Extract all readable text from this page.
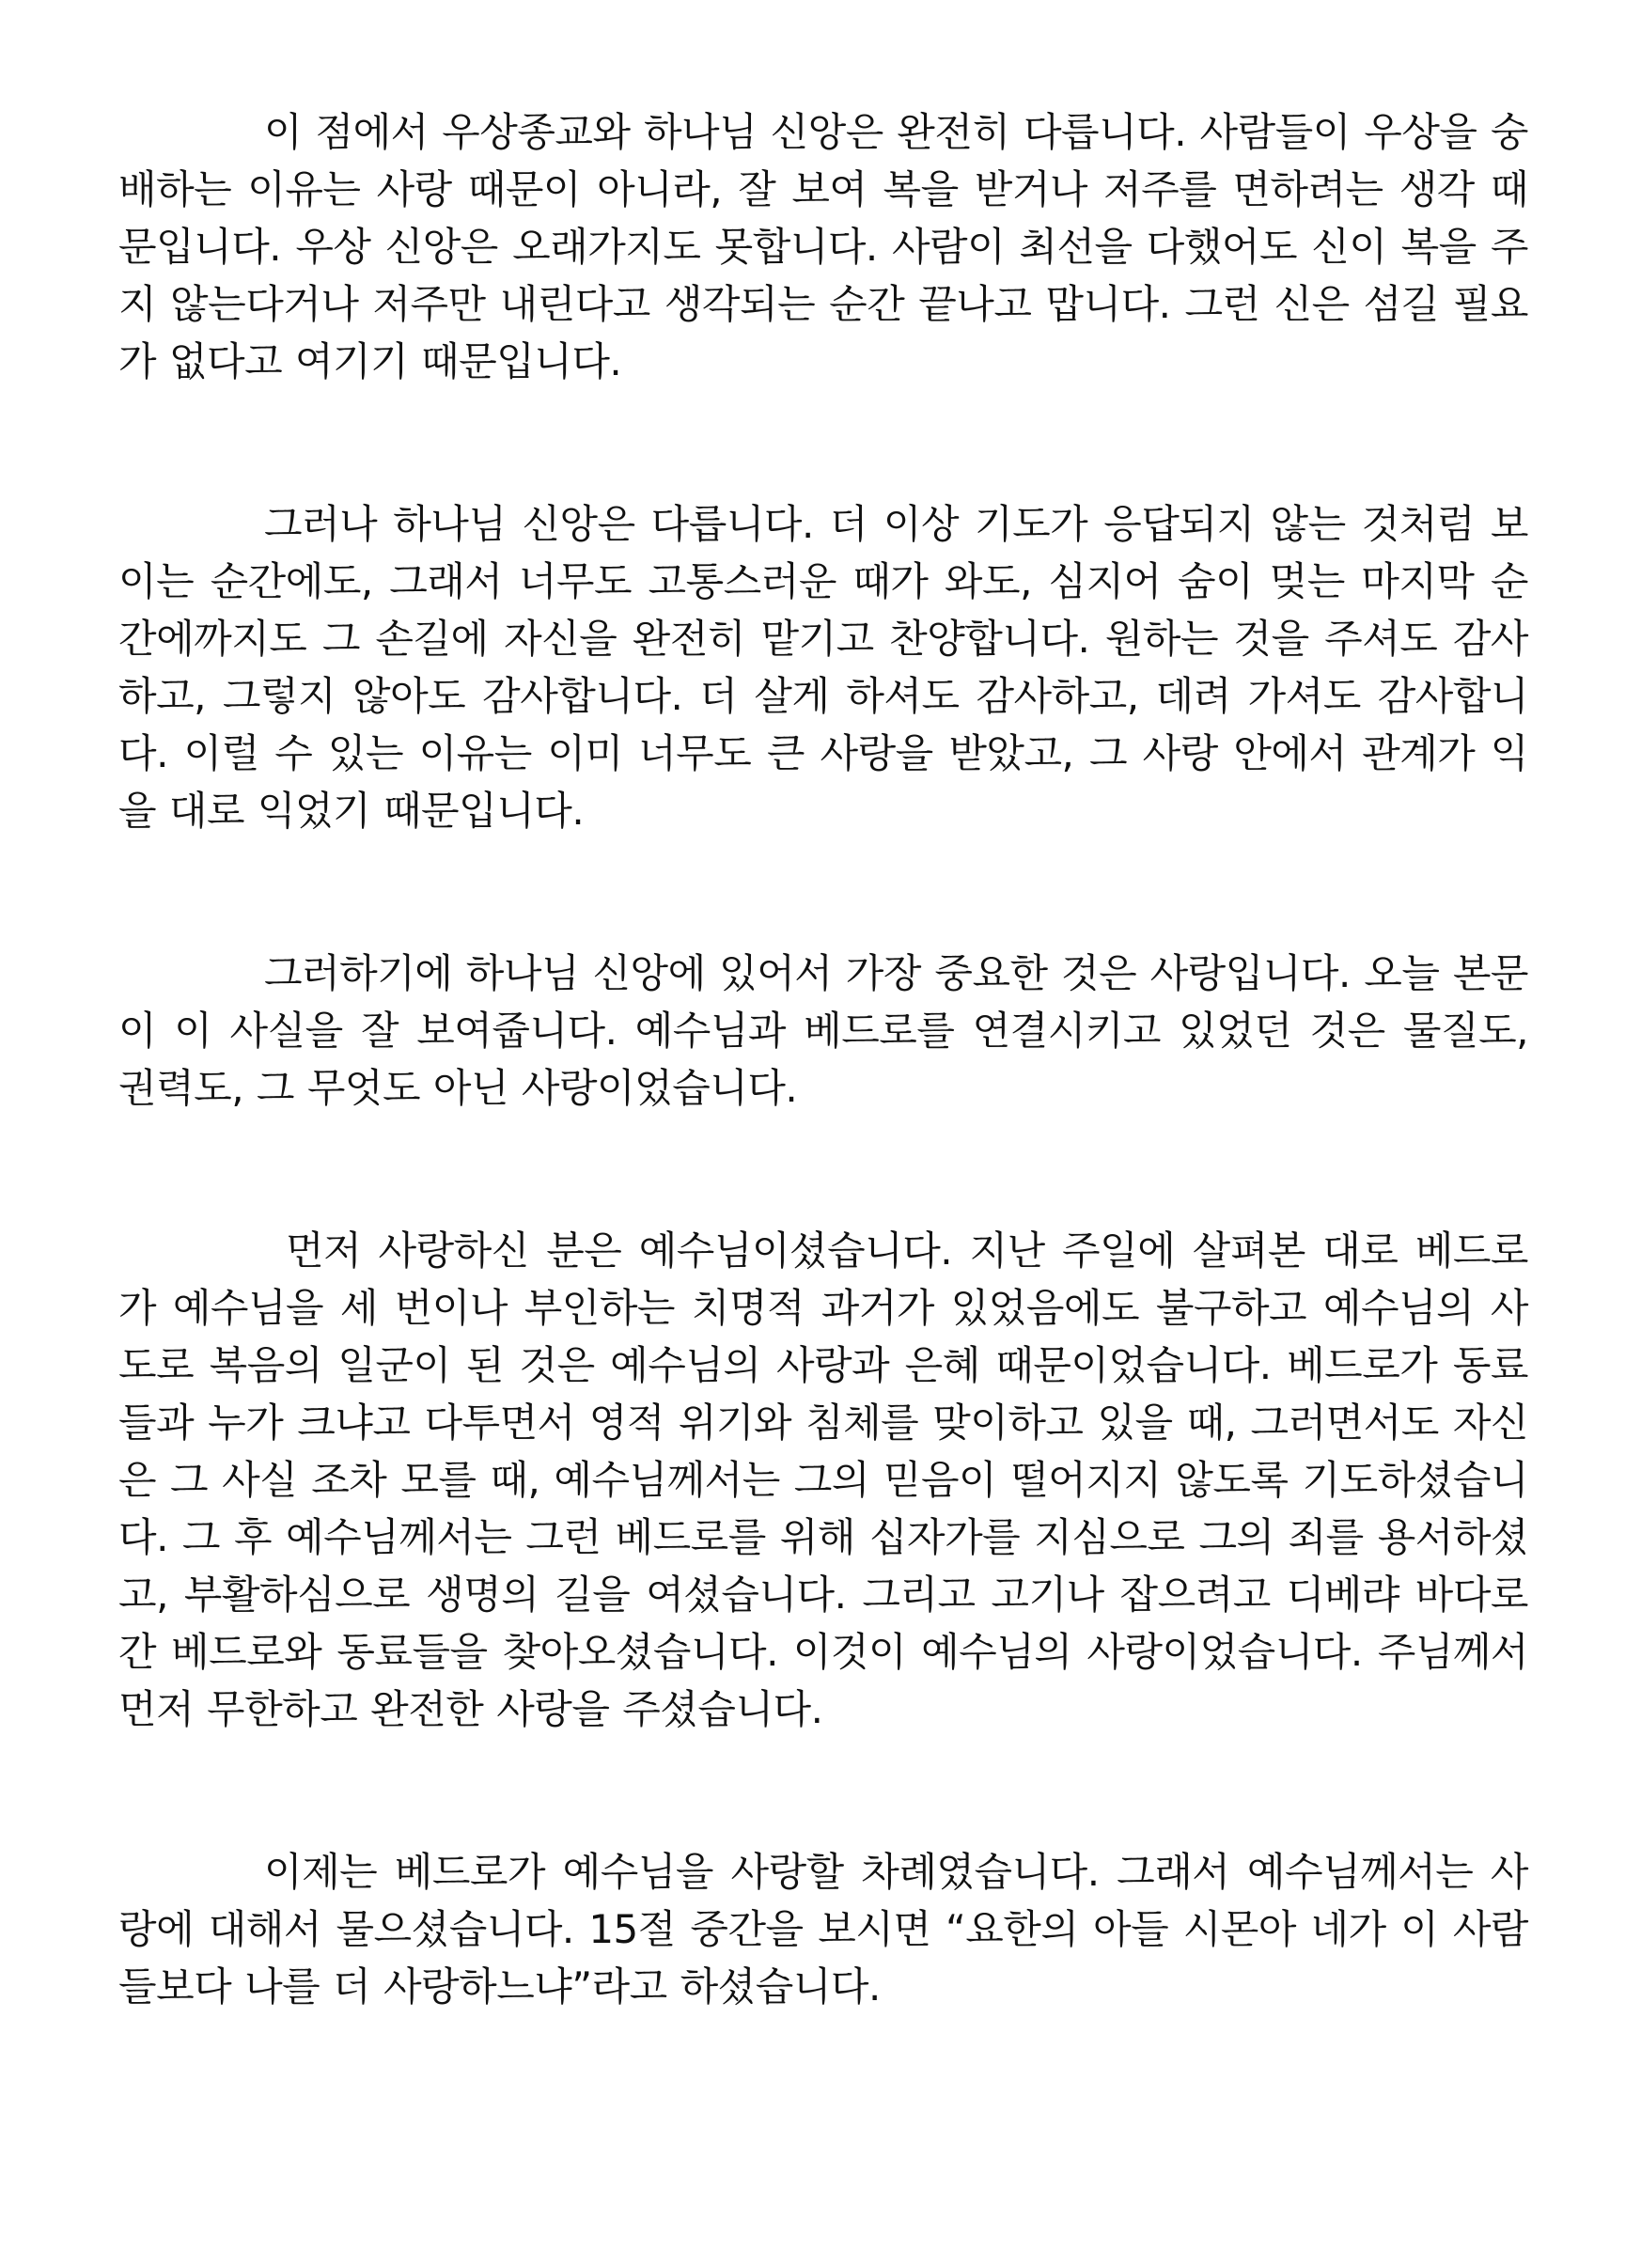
이 점에서 우상종교와 하나님 신앙은 완전히 다릅니다. 사람들이 우상을 숭배하는 이유는 사랑 때문이 아니라, 잘 보여 복을 받거나 저주를 면하려는 생각 때문입니다. 우상 신앙은 오래가지도 못합니다. 사람이 최선을 다했어도 신이 복을 주지 않는다거나 저주만 내린다고 생각되는 순간 끝나고 맙니다. 그런 신은 섬길 필요가 없다고 여기기 때문입니다.

그러나 하나님 신앙은 다릅니다. 더 이상 기도가 응답되지 않는 것처럼 보이는 순간에도, 그래서 너무도 고통스러운 때가 와도, 심지어 숨이 멎는 마지막 순간에까지도 그 손길에 자신을 완전히 맡기고 찬양합니다. 원하는 것을 주셔도 감사하고, 그렇지 않아도 감사합니다. 더 살게 하셔도 감사하고, 데려 가셔도 감사합니다. 이럴 수 있는 이유는 이미 너무도 큰 사랑을 받았고, 그 사랑 안에서 관계가 익을 대로 익었기 때문입니다.

그러하기에 하나님 신앙에 있어서 가장 중요한 것은 사랑입니다. 오늘 본문이 이 사실을 잘 보여줍니다. 예수님과 베드로를 연결시키고 있었던 것은 물질도, 권력도, 그 무엇도 아닌 사랑이었습니다.

먼저 사랑하신 분은 예수님이셨습니다. 지난 주일에 살펴본 대로 베드로가 예수님을 세 번이나 부인하는 치명적 과거가 있었음에도 불구하고 예수님의 사도로 복음의 일군이 된 것은 예수님의 사랑과 은혜 때문이었습니다. 베드로가 동료들과 누가 크냐고 다투면서 영적 위기와 침체를 맞이하고 있을 때, 그러면서도 자신은 그 사실 조차 모를 때, 예수님께서는 그의 믿음이 떨어지지 않도록 기도하셨습니다. 그 후 예수님께서는 그런 베드로를 위해 십자가를 지심으로 그의 죄를 용서하셨고, 부활하심으로 생명의 길을 여셨습니다. 그리고 고기나 잡으려고 디베랴 바다로 간 베드로와 동료들을 찾아오셨습니다. 이것이 예수님의 사랑이었습니다. 주님께서 먼저 무한하고 완전한 사랑을 주셨습니다.

이제는 베드로가 예수님을 사랑할 차례였습니다. 그래서 예수님께서는 사랑에 대해서 물으셨습니다. 15절 중간을 보시면 “요한의 아들 시몬아 네가 이 사람들보다 나를 더 사랑하느냐”라고 하셨습니다.
